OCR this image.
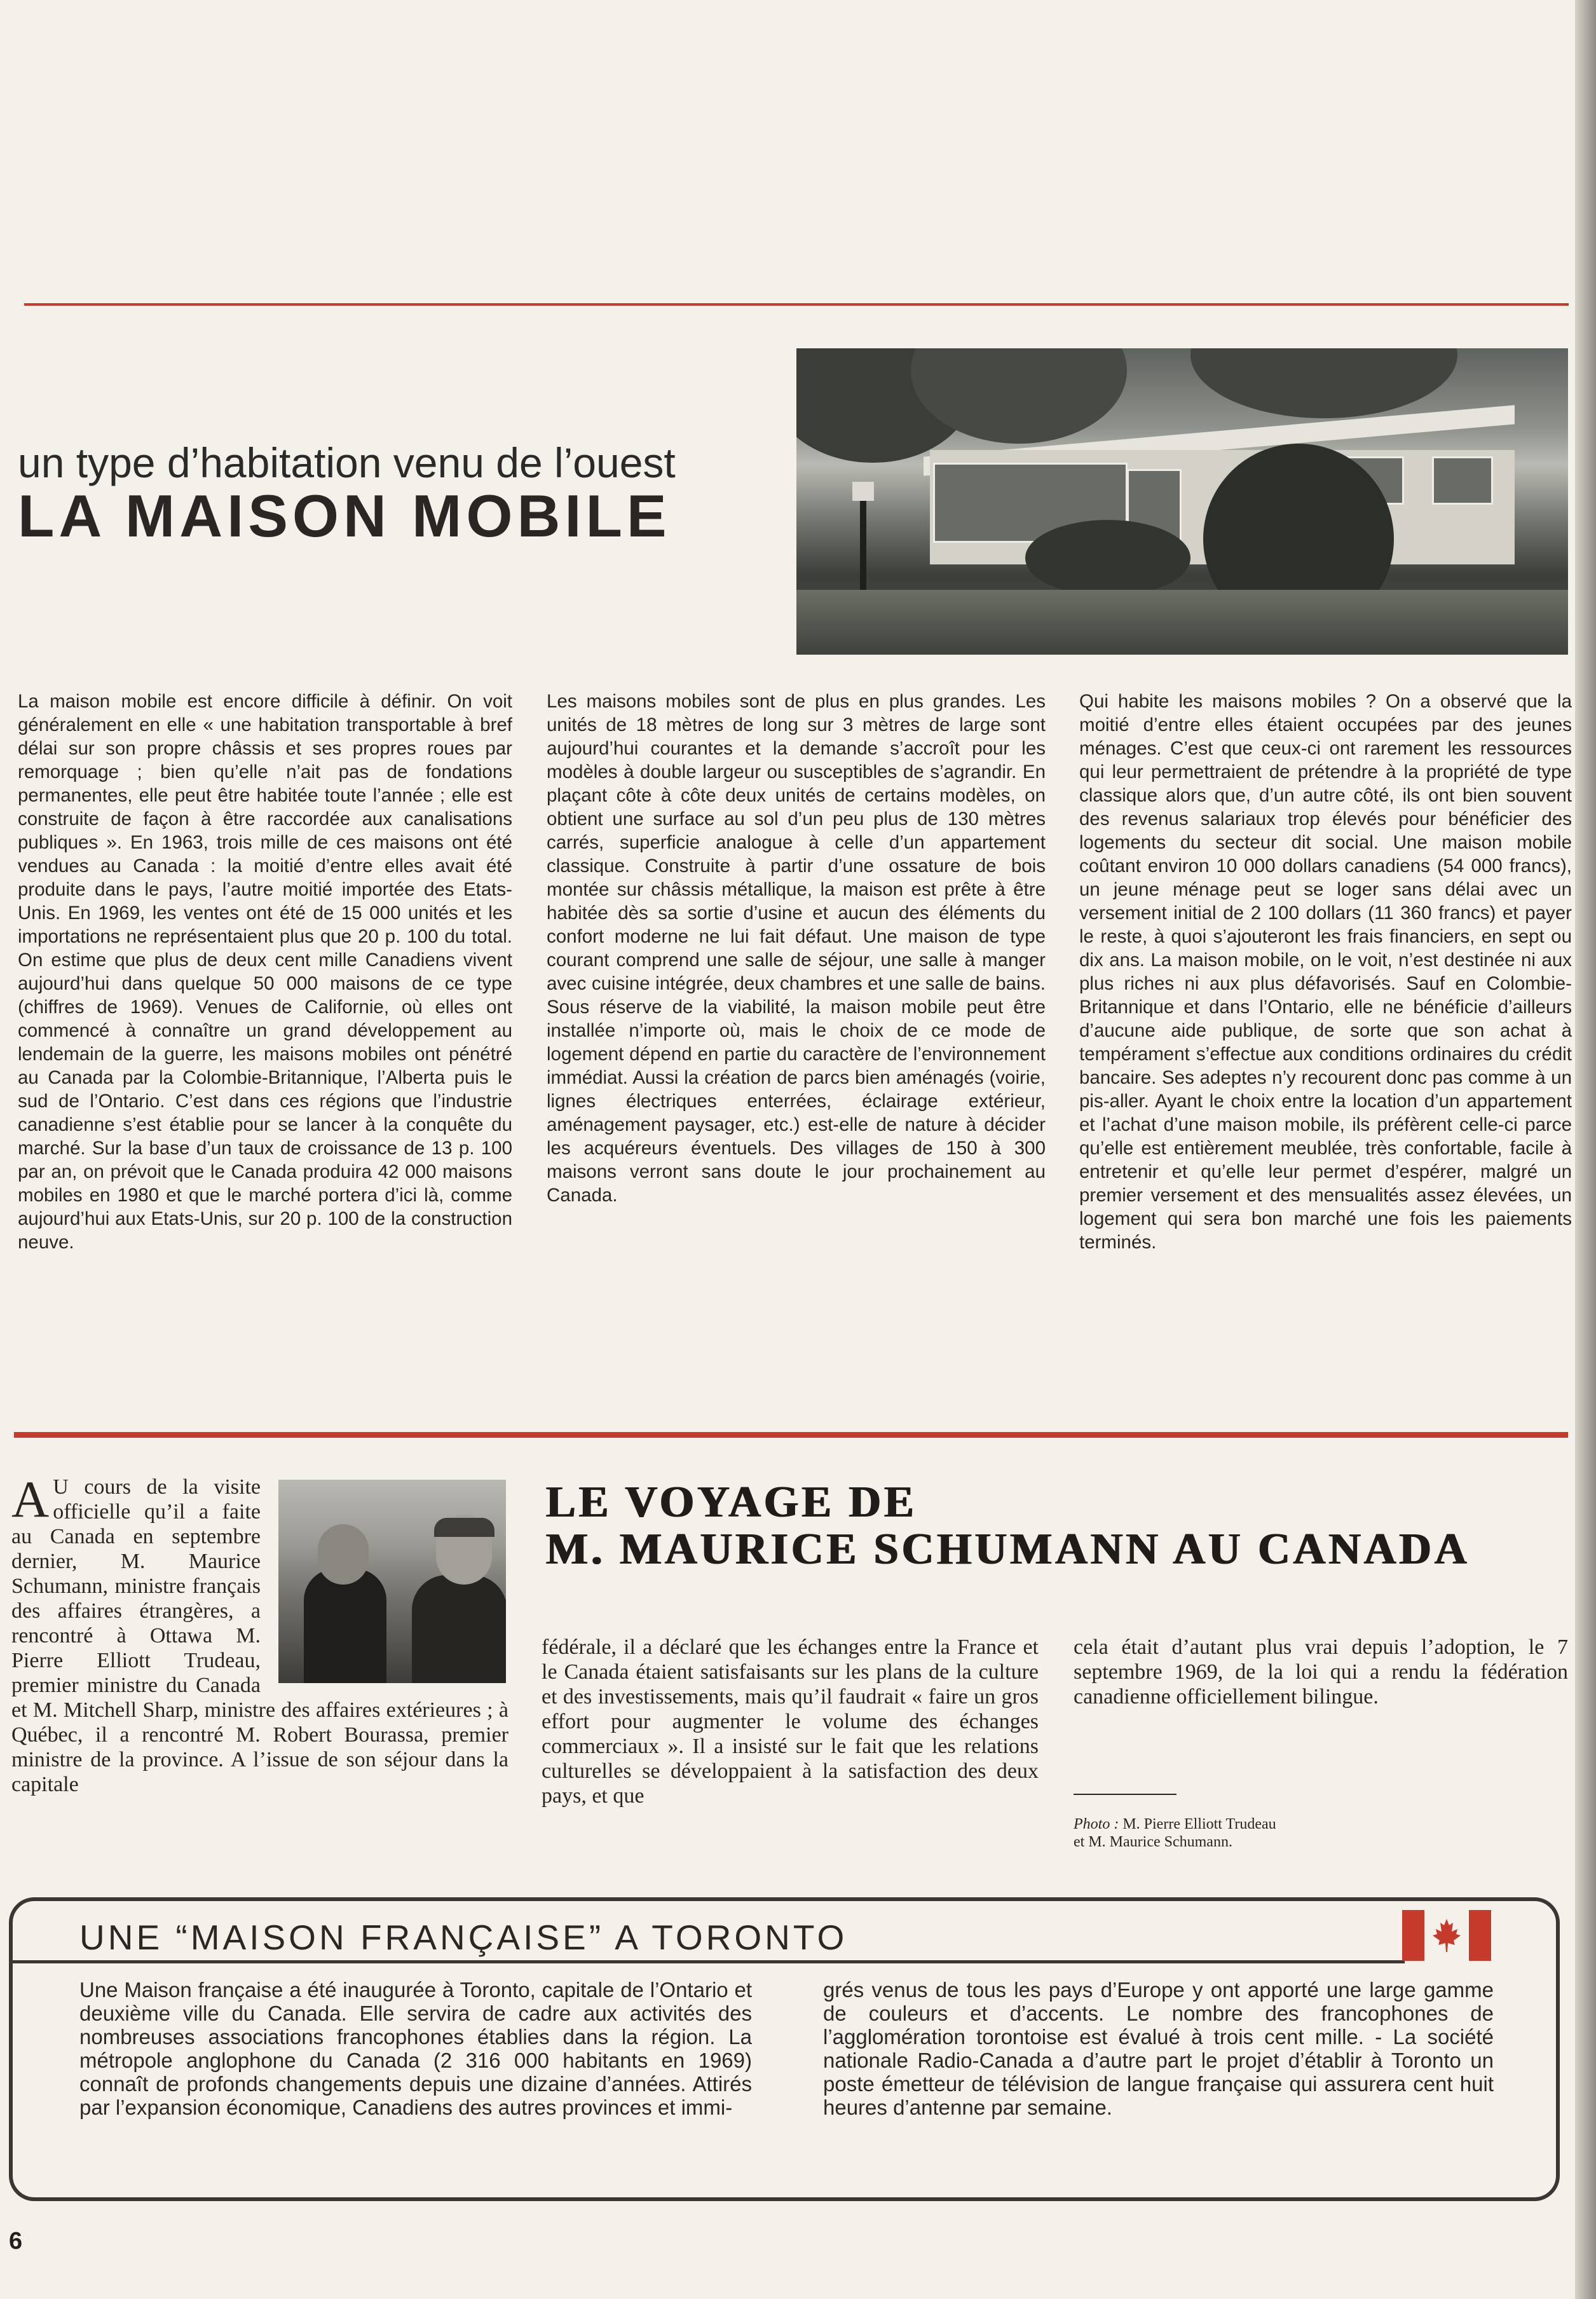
un type d’habitation venu de l’ouest
LA MAISON MOBILE
La maison mobile est encore difficile à définir. On voit généralement en elle « une habitation transportable à bref délai sur son propre châssis et ses propres roues par remorquage ; bien qu’elle n’ait pas de fondations permanentes, elle peut être habitée toute l’année ; elle est construite de façon à être raccordée aux canalisations publiques ». En 1963, trois mille de ces maisons ont été vendues au Canada : la moitié d’entre elles avait été produite dans le pays, l’autre moitié importée des Etats-Unis. En 1969, les ventes ont été de 15 000 unités et les importations ne représentaient plus que 20 p. 100 du total. On estime que plus de deux cent mille Canadiens vivent aujourd’hui dans quelque 50 000 maisons de ce type (chiffres de 1969). Venues de Californie, où elles ont commencé à connaître un grand développement au lendemain de la guerre, les maisons mobiles ont pénétré au Canada par la Colombie-Britannique, l’Alberta puis le sud de l’Ontario. C’est dans ces régions que l’industrie canadienne s’est établie pour se lancer à la conquête du marché. Sur la base d’un taux de croissance de 13 p. 100 par an, on prévoit que le Canada produira 42 000 maisons mobiles en 1980 et que le marché portera d’ici là, comme aujourd’hui aux Etats-Unis, sur 20 p. 100 de la construction neuve.
Les maisons mobiles sont de plus en plus grandes. Les unités de 18 mètres de long sur 3 mètres de large sont aujourd’hui courantes et la demande s’accroît pour les modèles à double largeur ou susceptibles de s’agrandir. En plaçant côte à côte deux unités de certains modèles, on obtient une surface au sol d’un peu plus de 130 mètres carrés, superficie analogue à celle d’un appartement classique. Construite à partir d’une ossature de bois montée sur châssis métallique, la maison est prête à être habitée dès sa sortie d’usine et aucun des éléments du confort moderne ne lui fait défaut. Une maison de type courant comprend une salle de séjour, une salle à manger avec cuisine intégrée, deux chambres et une salle de bains. Sous réserve de la viabilité, la maison mobile peut être installée n’importe où, mais le choix de ce mode de logement dépend en partie du caractère de l’environnement immédiat. Aussi la création de parcs bien aménagés (voirie, lignes électriques enterrées, éclairage extérieur, aménagement paysager, etc.) est-elle de nature à décider les acquéreurs éventuels. Des villages de 150 à 300 maisons verront sans doute le jour prochainement au Canada.
Qui habite les maisons mobiles ? On a observé que la moitié d’entre elles étaient occupées par des jeunes ménages. C’est que ceux-ci ont rarement les ressources qui leur permettraient de prétendre à la propriété de type classique alors que, d’un autre côté, ils ont bien souvent des revenus salariaux trop élevés pour bénéficier des logements du secteur dit social. Une maison mobile coûtant environ 10 000 dollars canadiens (54 000 francs), un jeune ménage peut se loger sans délai avec un versement initial de 2 100 dollars (11 360 francs) et payer le reste, à quoi s’ajouteront les frais financiers, en sept ou dix ans. La maison mobile, on le voit, n’est destinée ni aux plus riches ni aux plus défavorisés. Sauf en Colombie-Britannique et dans l’Ontario, elle ne bénéficie d’ailleurs d’aucune aide publique, de sorte que son achat à tempérament s’effectue aux conditions ordinaires du crédit bancaire. Ses adeptes n’y recourent donc pas comme à un pis-aller. Ayant le choix entre la location d’un appartement et l’achat d’une maison mobile, ils préfèrent celle-ci parce qu’elle est entièrement meublée, très confortable, facile à entretenir et qu’elle leur permet d’espérer, malgré un premier versement et des mensualités assez élevées, un logement qui sera bon marché une fois les paiements terminés.
A U cours de la visite officielle qu’il a faite au Canada en septembre dernier, M. Maurice Schumann, ministre français des affaires étrangères, a rencontré à Ottawa M. Pierre Elliott Trudeau, premier ministre du Canada et M. Mitchell Sharp, ministre des affaires extérieures ; à Québec, il a rencontré M. Robert Bourassa, premier ministre de la province. A l’issue de son séjour dans la capitale
LE VOYAGE DE
M. MAURICE SCHUMANN AU CANADA
fédérale, il a déclaré que les échanges entre la France et le Canada étaient satisfaisants sur les plans de la culture et des investissements, mais qu’il faudrait « faire un gros effort pour augmenter le volume des échanges commerciaux ». Il a insisté sur le fait que les relations culturelles se développaient à la satisfaction des deux pays, et que
cela était d’autant plus vrai depuis l’adoption, le 7 septembre 1969, de la loi qui a rendu la fédération canadienne officiellement bilingue.
Photo : M. Pierre Elliott Trudeau
et M. Maurice Schumann.
UNE “MAISON FRANÇAISE” A TORONTO
Une Maison française a été inaugurée à Toronto, capitale de l’Ontario et deuxième ville du Canada. Elle servira de cadre aux activités des nombreuses associations francophones établies dans la région. La métropole anglophone du Canada (2 316 000 habitants en 1969) connaît de profonds changements depuis une dizaine d’années. Attirés par l’expansion économique, Canadiens des autres provinces et immi-
grés venus de tous les pays d’Europe y ont apporté une large gamme de couleurs et d’accents. Le nombre des francophones de l’agglomération torontoise est évalué à trois cent mille. - La société nationale Radio-Canada a d’autre part le projet d’établir à Toronto un poste émetteur de télévision de langue française qui assurera cent huit heures d’antenne par semaine.
6
